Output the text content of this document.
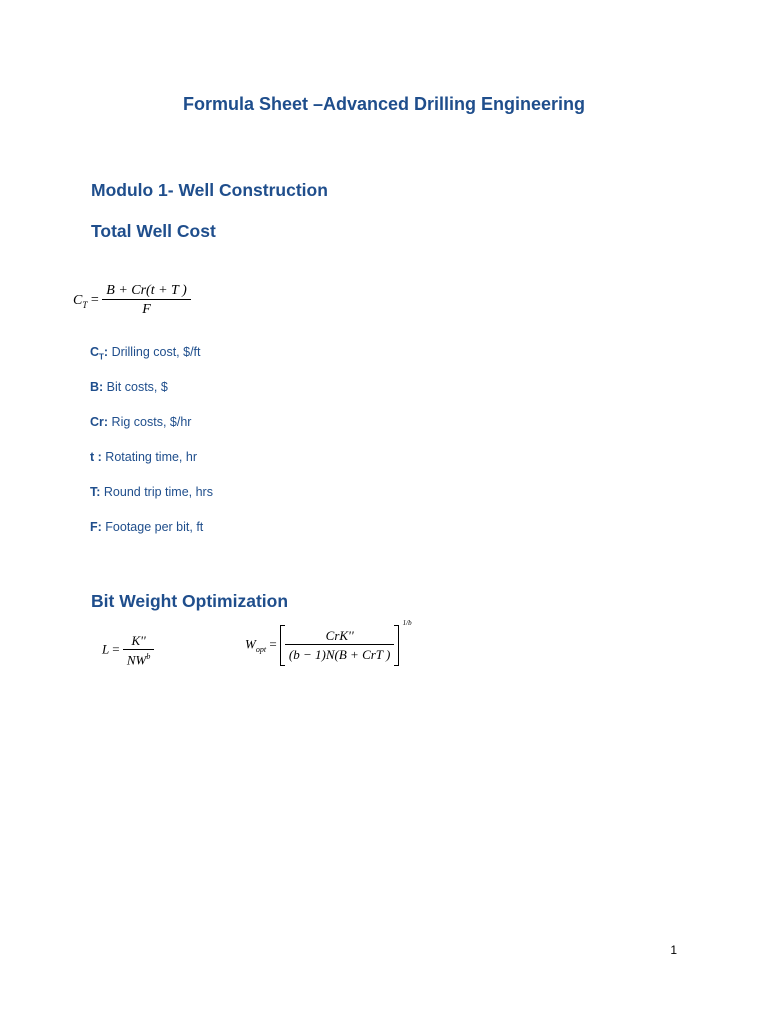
Formula Sheet –Advanced Drilling Engineering
Modulo 1- Well Construction
Total Well Cost
$C_T = \frac{B + Cr(t + T )}{F}$
$C_T$: Drilling cost, $/ft
B: Bit costs, $
Cr: Rig costs, $/hr
t : Rotating time, hr
T: Round trip time, hrs
F: Footage per bit, ft
Bit Weight Optimization
$L = \frac{K''}{NW^b}$	$W_{opt} = \frac{\text{CrK''}}{\text{(b − 1)N(B + CrT )}}$
$^{1/b}$
1
